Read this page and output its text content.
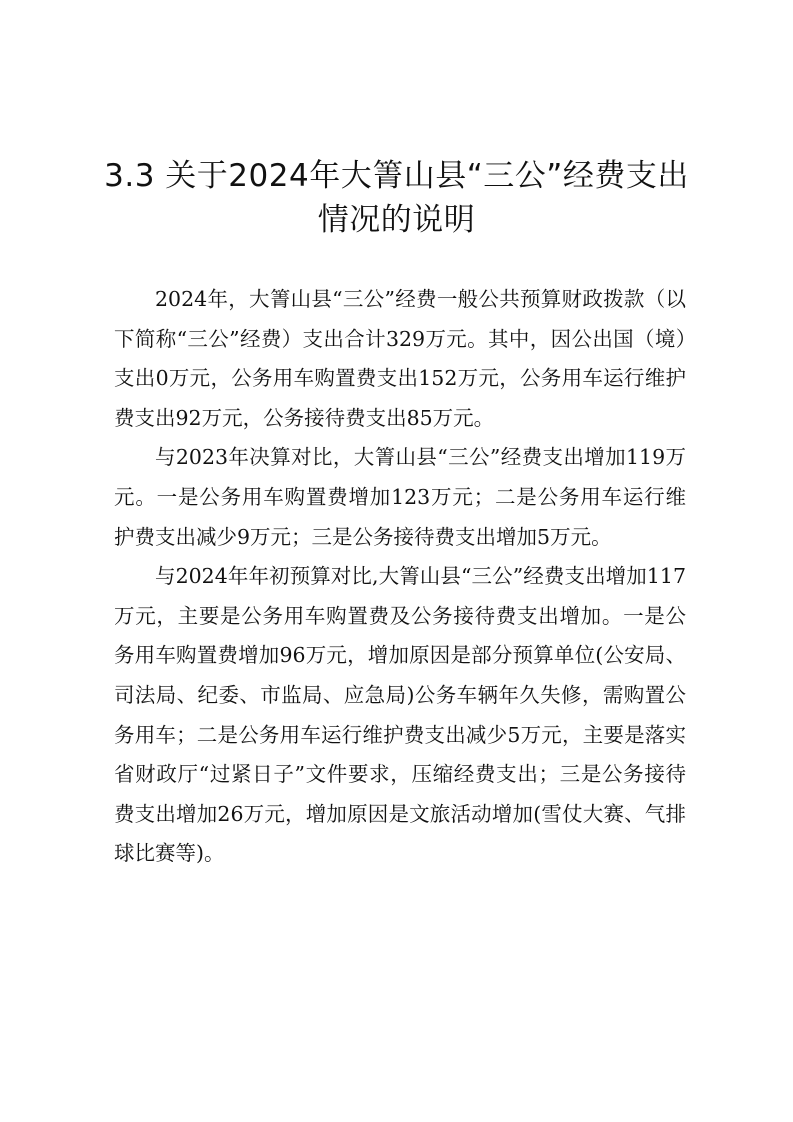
3.3 关于2024年大箐山县“三公”经费支出
情况的说明

2024年，大箐山县“三公”经费一般公共预算财政拨款（以下简称“三公”经费）支出合计329万元。其中，因公出国（境）支出0万元，公务用车购置费支出152万元，公务用车运行维护费支出92万元，公务接待费支出85万元。

与2023年决算对比，大箐山县“三公”经费支出增加119万元。一是公务用车购置费增加123万元；二是公务用车运行维护费支出减少9万元；三是公务接待费支出增加5万元。

与2024年年初预算对比,大箐山县“三公”经费支出增加117万元，主要是公务用车购置费及公务接待费支出增加。一是公务用车购置费增加96万元，增加原因是部分预算单位(公安局、司法局、纪委、市监局、应急局)公务车辆年久失修，需购置公务用车；二是公务用车运行维护费支出减少5万元，主要是落实省财政厅“过紧日子”文件要求，压缩经费支出；三是公务接待费支出增加26万元，增加原因是文旅活动增加(雪仗大赛、气排球比赛等)。
